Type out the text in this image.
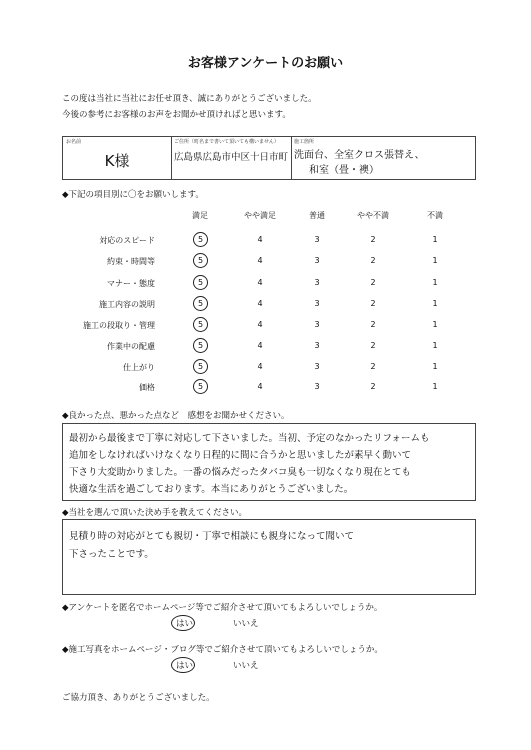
お客様アンケートのお願い
この度は当社に当社にお任せ頂き、誠にありがとうございました。
今後の参考にお客様のお声をお聞かせ頂ければと思います。
お名前
K様
ご住所（町名まで書いて頂いても構いません）
広島県広島市中区十日市町
施工箇所
洗面台、全室クロス張替え、
和室（畳・襖）
◆下記の項目別に〇をお願いします。
満足	やや満足	普通	やや不満	不満
対応のスピード	5	4	3	2	1
約束・時間等	5	4	3	2	1
マナー・態度	5	4	3	2	1
施工内容の説明	5	4	3	2	1
施工の段取り・管理	5	4	3	2	1
作業中の配慮	5	4	3	2	1
仕上がり	5	4	3	2	1
価格	5	4	3	2	1
◆良かった点、悪かった点など　感想をお聞かせください。
最初から最後まで丁寧に対応して下さいました。当初、予定のなかったリフォームも
追加をしなければいけなくなり日程的に間に合うかと思いましたが素早く動いて
下さり大変助かりました。一番の悩みだったタバコ臭も一切なくなり現在とても
快適な生活を過ごしております。本当にありがとうございました。
◆当社を選んで頂いた決め手を教えてください。
見積り時の対応がとても親切・丁寧で相談にも親身になって聞いて
下さったことです。
◆アンケートを匿名でホームページ等でご紹介させて頂いてもよろしいでしょうか。
はい	いいえ
◆施工写真をホームページ・ブログ等でご紹介させて頂いてもよろしいでしょうか。
はい	いいえ
ご協力頂き、ありがとうございました。
